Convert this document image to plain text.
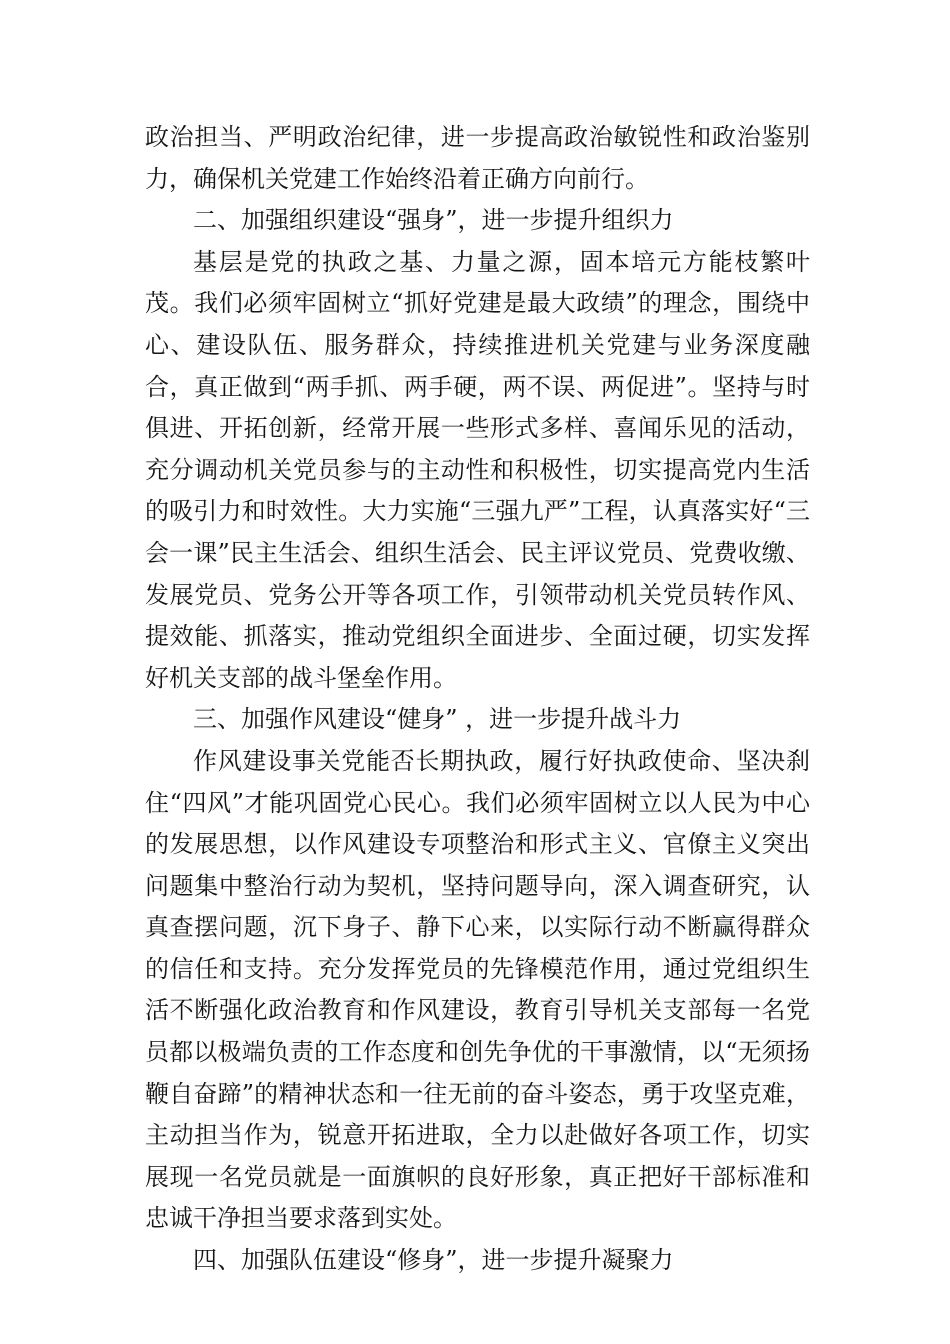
政治担当、严明政治纪律，进一步提高政治敏锐性和政治鉴别力，确保机关党建工作始终沿着正确方向前行。

二、加强组织建设“强身”，进一步提升组织力

基层是党的执政之基、力量之源，固本培元方能枝繁叶茂。我们必须牢固树立“抓好党建是最大政绩”的理念，围绕中心、建设队伍、服务群众，持续推进机关党建与业务深度融合，真正做到“两手抓、两手硬，两不误、两促进”。坚持与时俱进、开拓创新，经常开展一些形式多样、喜闻乐见的活动，充分调动机关党员参与的主动性和积极性，切实提高党内生活的吸引力和时效性。大力实施“三强九严”工程，认真落实好“三会一课”民主生活会、组织生活会、民主评议党员、党费收缴、发展党员、党务公开等各项工作，引领带动机关党员转作风、提效能、抓落实，推动党组织全面进步、全面过硬，切实发挥好机关支部的战斗堡垒作用。

三、加强作风建设“健身” ，进一步提升战斗力

作风建设事关党能否长期执政，履行好执政使命、坚决刹住“四风”才能巩固党心民心。我们必须牢固树立以人民为中心的发展思想，以作风建设专项整治和形式主义、官僚主义突出问题集中整治行动为契机，坚持问题导向，深入调查研究，认真查摆问题，沉下身子、静下心来，以实际行动不断赢得群众的信任和支持。充分发挥党员的先锋模范作用，通过党组织生活不断强化政治教育和作风建设，教育引导机关支部每一名党员都以极端负责的工作态度和创先争优的干事激情，以“无须扬鞭自奋蹄”的精神状态和一往无前的奋斗姿态，勇于攻坚克难，主动担当作为，锐意开拓进取，全力以赴做好各项工作，切实展现一名党员就是一面旗帜的良好形象，真正把好干部标准和忠诚干净担当要求落到实处。

四、加强队伍建设“修身”，进一步提升凝聚力
